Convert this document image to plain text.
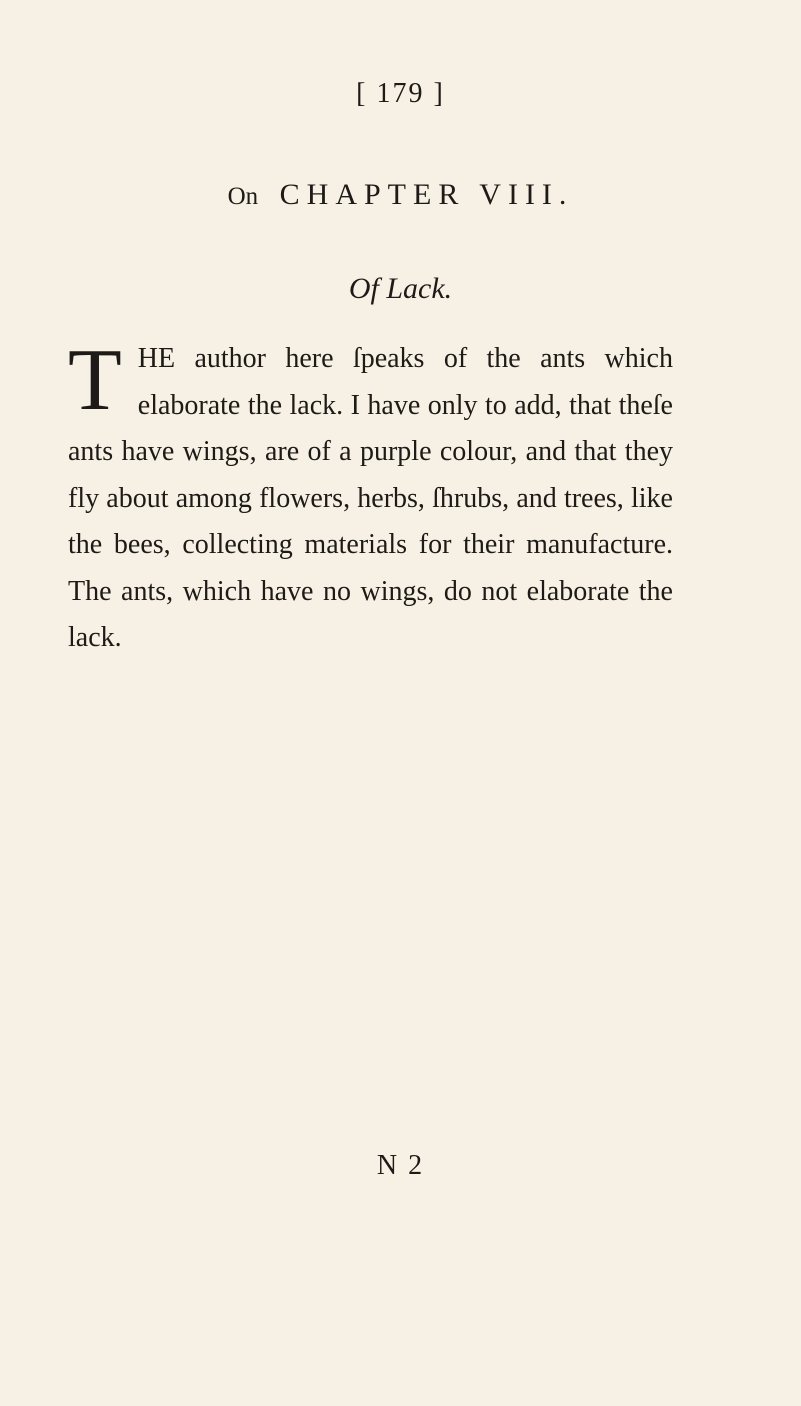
[ 179 ]
On CHAPTER VIII.
Of Lack.
T HE author here ſpeaks of the ants which elaborate the lack. I have only to add, that theſe ants have wings, are of a purple colour, and that they fly about among flowers, herbs, ſhrubs, and trees, like the bees, collecting materials for their manufacture. The ants, which have no wings, do not elaborate the lack.
N 2
